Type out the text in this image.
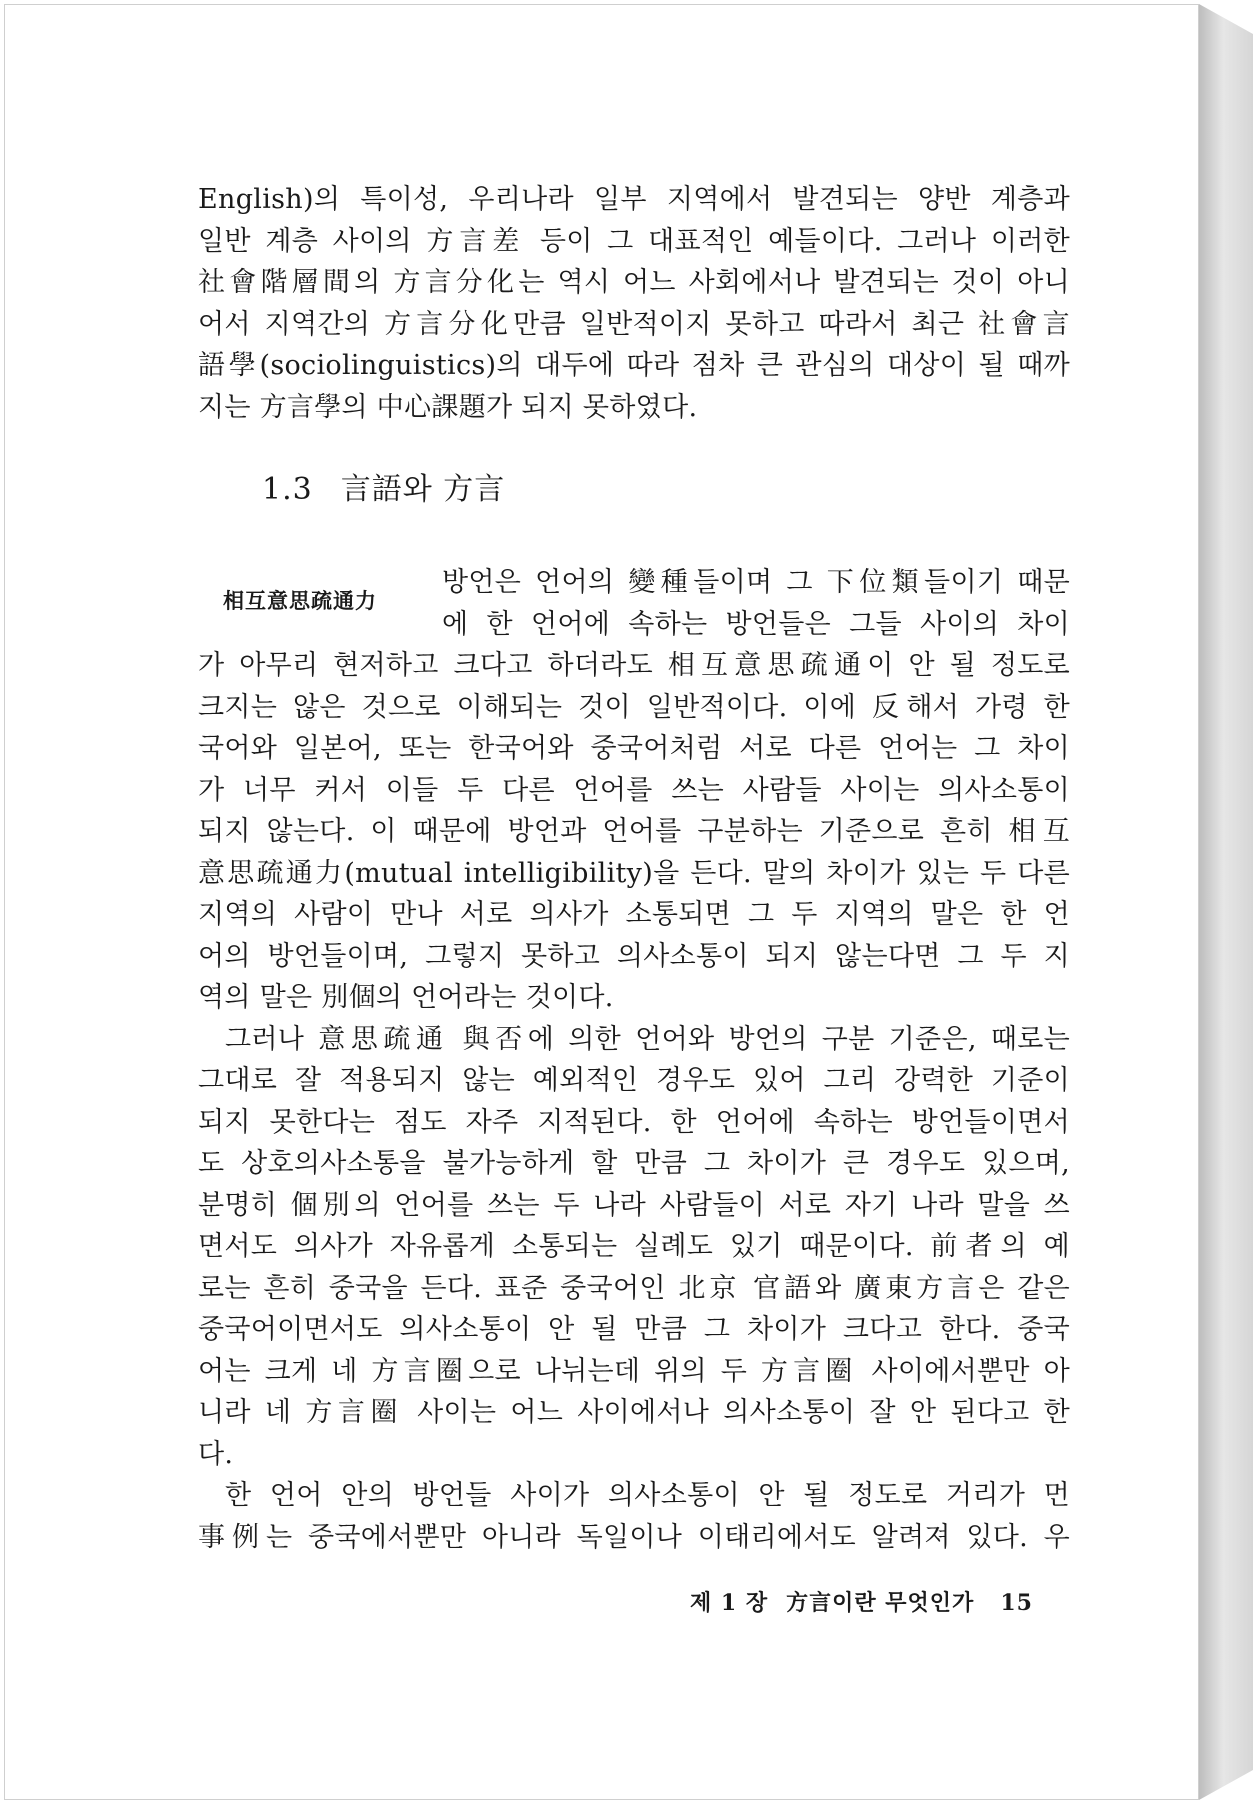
English)의 특이성, 우리나라 일부 지역에서 발견되는 양반 계층과

일반 계층 사이의 方言差 등이 그 대표적인 예들이다. 그러나 이러한

社會階層間의 方言分化는 역시 어느 사회에서나 발견되는 것이 아니

어서 지역간의 方言分化만큼 일반적이지 못하고 따라서 최근 社會言

語學(sociolinguistics)의 대두에 따라 점차 큰 관심의 대상이 될 때까

지는 方言學의 中心課題가 되지 못하였다.

1.3 言語와 方言
相互意思疏通力
방언은 언어의 變種들이며 그 下位類들이기 때문
에 한 언어에 속하는 방언들은 그들 사이의 차이

가 아무리 현저하고 크다고 하더라도 相互意思疏通이 안 될 정도로

크지는 않은 것으로 이해되는 것이 일반적이다. 이에 反해서 가령 한

국어와 일본어, 또는 한국어와 중국어처럼 서로 다른 언어는 그 차이

가 너무 커서 이들 두 다른 언어를 쓰는 사람들 사이는 의사소통이

되지 않는다. 이 때문에 방언과 언어를 구분하는 기준으로 흔히 相互

意思疏通力(mutual intelligibility)을 든다. 말의 차이가 있는 두 다른

지역의 사람이 만나 서로 의사가 소통되면 그 두 지역의 말은 한 언

어의 방언들이며, 그렇지 못하고 의사소통이 되지 않는다면 그 두 지

역의 말은 別個의 언어라는 것이다.

그러나 意思疏通 與否에 의한 언어와 방언의 구분 기준은, 때로는

그대로 잘 적용되지 않는 예외적인 경우도 있어 그리 강력한 기준이

되지 못한다는 점도 자주 지적된다. 한 언어에 속하는 방언들이면서

도 상호의사소통을 불가능하게 할 만큼 그 차이가 큰 경우도 있으며,

분명히 個別의 언어를 쓰는 두 나라 사람들이 서로 자기 나라 말을 쓰

면서도 의사가 자유롭게 소통되는 실례도 있기 때문이다. 前者의 예

로는 흔히 중국을 든다. 표준 중국어인 北京 官語와 廣東方言은 같은

중국어이면서도 의사소통이 안 될 만큼 그 차이가 크다고 한다. 중국

어는 크게 네 方言圈으로 나뉘는데 위의 두 方言圈 사이에서뿐만 아

니라 네 方言圈 사이는 어느 사이에서나 의사소통이 잘 안 된다고 한

다.

한 언어 안의 방언들 사이가 의사소통이 안 될 정도로 거리가 먼

事例는 중국에서뿐만 아니라 독일이나 이태리에서도 알려져 있다. 우

제 1 장 方言이란 무엇인가 15
